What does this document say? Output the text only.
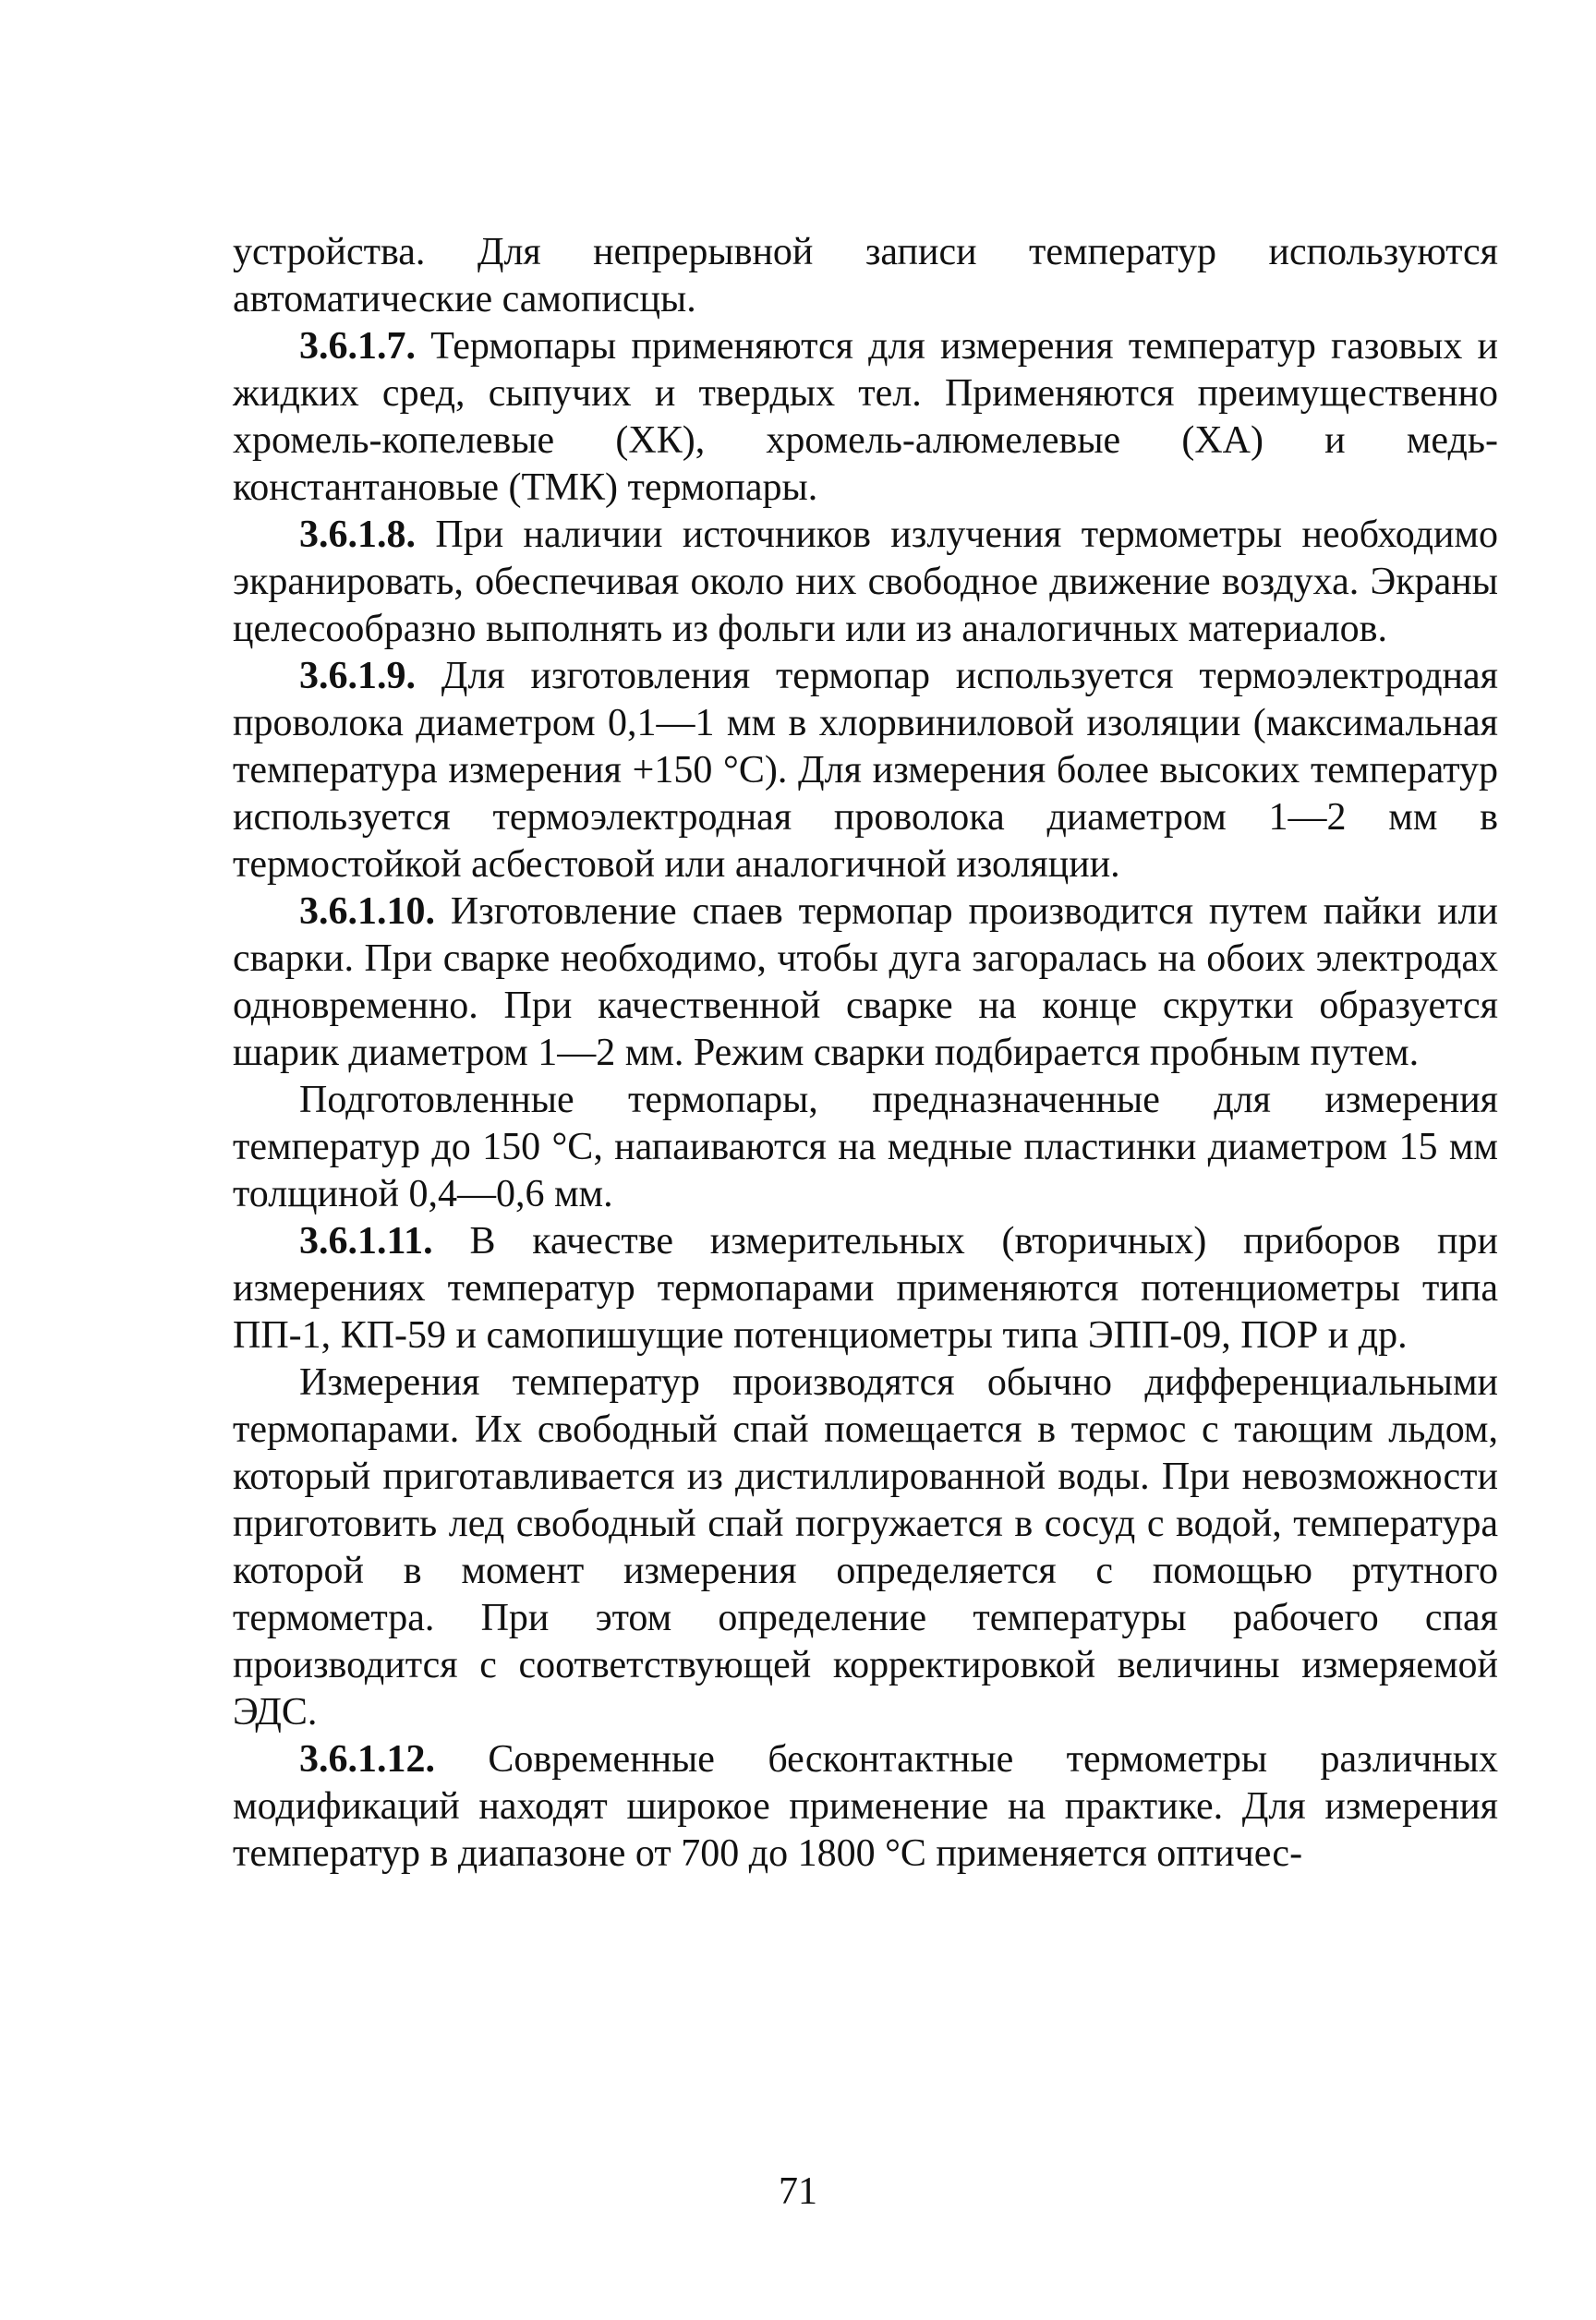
устройства. Для непрерывной записи температур используются автоматические самописцы.

3.6.1.7. Термопары применяются для измерения температур газовых и жидких сред, сыпучих и твердых тел. Применяются преимущественно хромель-копелевые (ХК), хромель-алюмелевые (ХА) и медь-константановые (ТМК) термопары.

3.6.1.8. При наличии источников излучения термометры необходимо экранировать, обеспечивая около них свободное движение воздуха. Экраны целесообразно выполнять из фольги или из аналогичных материалов.

3.6.1.9. Для изготовления термопар используется термоэлектродная проволока диаметром 0,1—1 мм в хлорвиниловой изоляции (максимальная температура измерения +150 °С). Для измерения более высоких температур используется термоэлектродная проволока диаметром 1—2 мм в термостойкой асбестовой или аналогичной изоляции.

3.6.1.10. Изготовление спаев термопар производится путем пайки или сварки. При сварке необходимо, чтобы дуга загоралась на обоих электродах одновременно. При качественной сварке на конце скрутки образуется шарик диаметром 1—2 мм. Режим сварки подбирается пробным путем.

Подготовленные термопары, предназначенные для измерения температур до 150 °С, напаиваются на медные пластинки диаметром 15 мм толщиной 0,4—0,6 мм.

3.6.1.11. В качестве измерительных (вторичных) приборов при измерениях температур термопарами применяются потенциометры типа ПП-1, КП-59 и самопишущие потенциометры типа ЭПП-09, ПОР и др.

Измерения температур производятся обычно дифференциальными термопарами. Их свободный спай помещается в термос с тающим льдом, который приготавливается из дистиллированной воды. При невозможности приготовить лед свободный спай погружается в сосуд с водой, температура которой в момент измерения определяется с помощью ртутного термометра. При этом определение температуры рабочего спая производится с соответствующей корректировкой величины измеряемой ЭДС.

3.6.1.12. Современные бесконтактные термометры различных модификаций находят широкое применение на практике. Для измерения температур в диапазоне от 700 до 1800 °С применяется оптичес-

71
